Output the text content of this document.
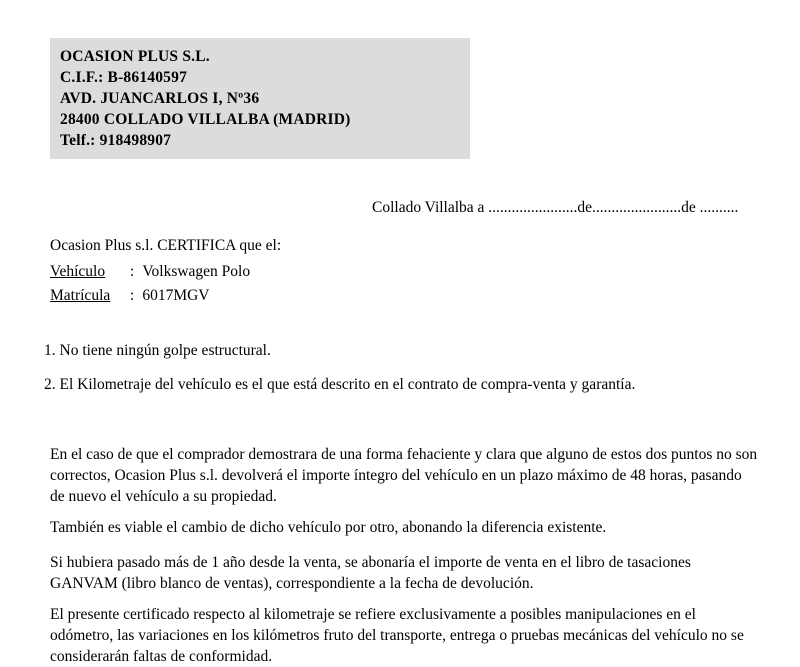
OCASION PLUS S.L.
C.I.F.: B-86140597
AVD. JUANCARLOS I, Nº36
28400 COLLADO VILLALBA (MADRID)
Telf.: 918498907
Collado Villalba a .......................de.......................de ..........
Ocasion Plus s.l. CERTIFICA que el:
Vehículo : Volkswagen Polo
Matrícula : 6017MGV
1. No tiene ningún golpe estructural.
2. El Kilometraje del vehículo es el que está descrito en el contrato de compra-venta y garantía.
En el caso de que el comprador demostrara de una forma fehaciente y clara que alguno de estos dos puntos no son correctos, Ocasion Plus s.l. devolverá el importe íntegro del vehículo en un plazo máximo de 48 horas, pasando de nuevo el vehículo a su propiedad.
También es viable el cambio de dicho vehículo por otro, abonando la diferencia existente.
Si hubiera pasado más de 1 año desde la venta, se abonaría el importe de venta en el libro de tasaciones GANVAM (libro blanco de ventas), correspondiente a la fecha de devolución.
El presente certificado respecto al kilometraje se refiere exclusivamente a posibles manipulaciones en el odómetro, las variaciones en los kilómetros fruto del transporte, entrega o pruebas mecánicas del vehículo no se considerarán faltas de conformidad.
